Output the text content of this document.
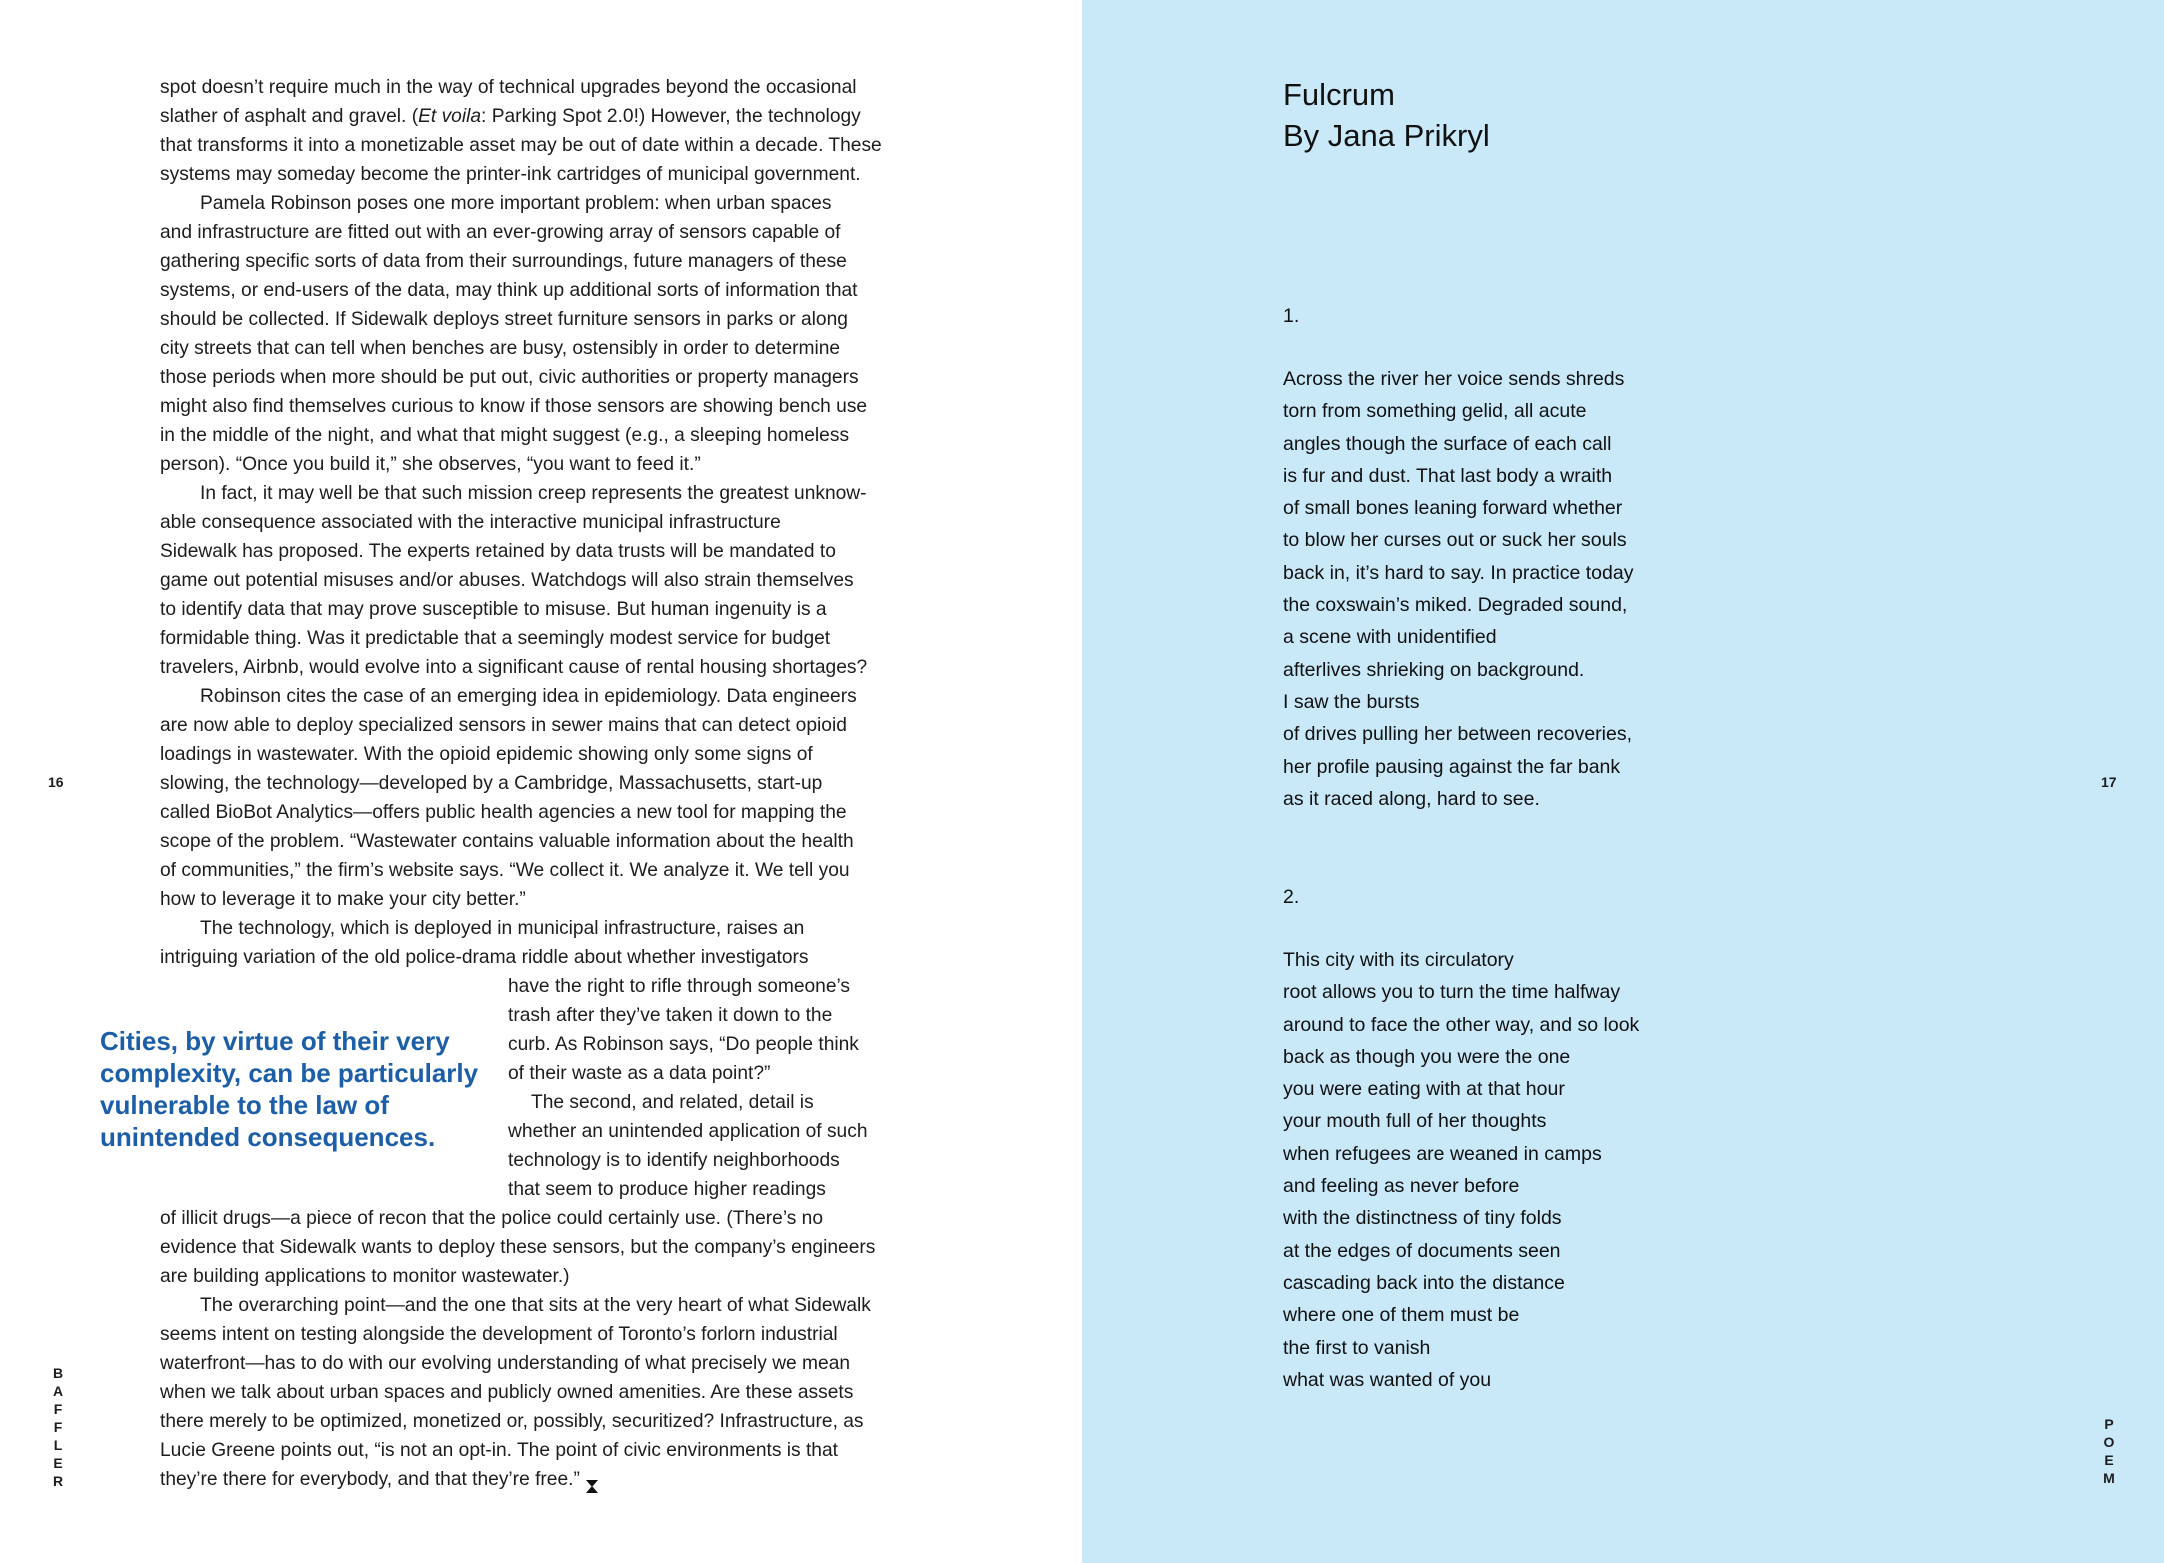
spot doesn’t require much in the way of technical upgrades beyond the occasional
slather of asphalt and gravel. (Et voila: Parking Spot 2.0!) However, the technology
that transforms it into a monetizable asset may be out of date within a decade. These
systems may someday become the printer-ink cartridges of municipal government.
Pamela Robinson poses one more important problem: when urban spaces
and infrastructure are fitted out with an ever-growing array of sensors capable of
gathering specific sorts of data from their surroundings, future managers of these
systems, or end-users of the data, may think up additional sorts of information that
should be collected. If Sidewalk deploys street furniture sensors in parks or along
city streets that can tell when benches are busy, ostensibly in order to determine
those periods when more should be put out, civic authorities or property managers
might also find themselves curious to know if those sensors are showing bench use
in the middle of the night, and what that might suggest (e.g., a sleeping homeless
person). “Once you build it,” she observes, “you want to feed it.”
In fact, it may well be that such mission creep represents the greatest unknow-
able consequence associated with the interactive municipal infrastructure
Sidewalk has proposed. The experts retained by data trusts will be mandated to
game out potential misuses and/or abuses. Watchdogs will also strain themselves
to identify data that may prove susceptible to misuse. But human ingenuity is a
formidable thing. Was it predictable that a seemingly modest service for budget
travelers, Airbnb, would evolve into a significant cause of rental housing shortages?
Robinson cites the case of an emerging idea in epidemiology. Data engineers
are now able to deploy specialized sensors in sewer mains that can detect opioid
loadings in wastewater. With the opioid epidemic showing only some signs of
slowing, the technology—developed by a Cambridge, Massachusetts, start-up
called BioBot Analytics—offers public health agencies a new tool for mapping the
scope of the problem. “Wastewater contains valuable information about the health
of communities,” the firm’s website says. “We collect it. We analyze it. We tell you
how to leverage it to make your city better.”
The technology, which is deployed in municipal infrastructure, raises an
intriguing variation of the old police-drama riddle about whether investigators
have the right to rifle through someone’s
trash after they’ve taken it down to the
curb. As Robinson says, “Do people think
of their waste as a data point?”
The second, and related, detail is
whether an unintended application of such
technology is to identify neighborhoods
that seem to produce higher readings
of illicit drugs—a piece of recon that the police could certainly use. (There’s no
evidence that Sidewalk wants to deploy these sensors, but the company’s engineers
are building applications to monitor wastewater.)
The overarching point—and the one that sits at the very heart of what Sidewalk
seems intent on testing alongside the development of Toronto’s forlorn industrial
waterfront—has to do with our evolving understanding of what precisely we mean
when we talk about urban spaces and publicly owned amenities. Are these assets
there merely to be optimized, monetized or, possibly, securitized? Infrastructure, as
Lucie Greene points out, “is not an opt-in. The point of civic environments is that
they’re there for everybody, and that they’re free.”
Cities, by virtue of their very
complexity, can be particularly
vulnerable to the law of
unintended consequences.
16
B
A
F
F
L
E
R
17
P
O
E
M
Fulcrum
By Jana Prikryl
1.
Across the river her voice sends shreds
torn from something gelid, all acute
angles though the surface of each call
is fur and dust. That last body a wraith
of small bones leaning forward whether
to blow her curses out or suck her souls
back in, it’s hard to say. In practice today
the coxswain’s miked. Degraded sound,
a scene with unidentified
afterlives shrieking on background.
I saw the bursts
of drives pulling her between recoveries,
her profile pausing against the far bank
as it raced along, hard to see.
2.
This city with its circulatory
root allows you to turn the time halfway
around to face the other way, and so look
back as though you were the one
you were eating with at that hour
your mouth full of her thoughts
when refugees are weaned in camps
and feeling as never before
with the distinctness of tiny folds
at the edges of documents seen
cascading back into the distance
where one of them must be
the first to vanish
what was wanted of you
